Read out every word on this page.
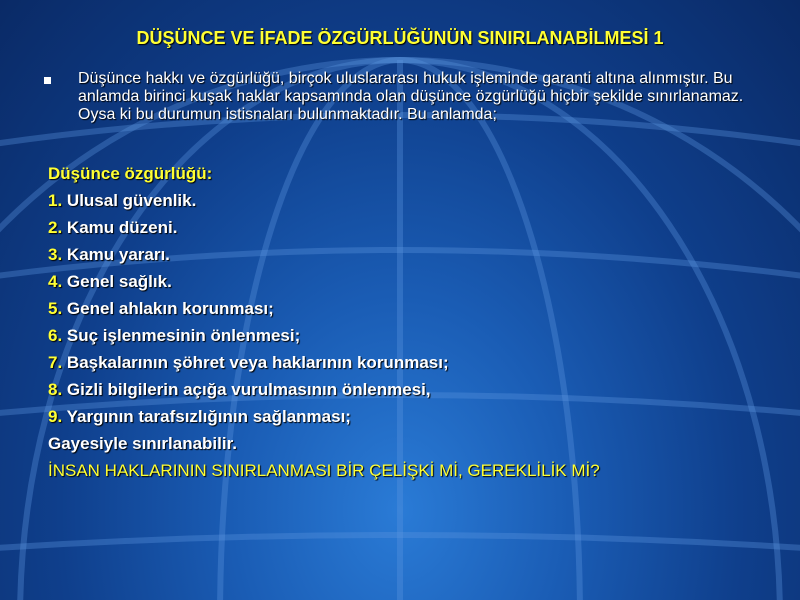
DÜŞÜNCE VE İFADE ÖZGÜRLÜĞÜNÜN SINIRLANABİLMESİ 1
Düşünce hakkı ve özgürlüğü, birçok uluslararası hukuk işleminde garanti altına alınmıştır. Bu anlamda birinci kuşak haklar kapsamında olan düşünce özgürlüğü hiçbir şekilde sınırlanamaz. Oysa ki bu durumun istisnaları bulunmaktadır. Bu anlamda;
Düşünce özgürlüğü:
1. Ulusal güvenlik.
2. Kamu düzeni.
3. Kamu yararı.
4. Genel sağlık.
5. Genel ahlakın korunması;
6. Suç işlenmesinin önlenmesi;
7. Başkalarının şöhret veya haklarının korunması;
8. Gizli bilgilerin açığa vurulmasının önlenmesi,
9. Yargının tarafsızlığının sağlanması;
Gayesiyle sınırlanabilir.
İNSAN HAKLARININ SINIRLANMASI BİR ÇELİŞKİ Mİ, GEREKLİLİK Mİ?
